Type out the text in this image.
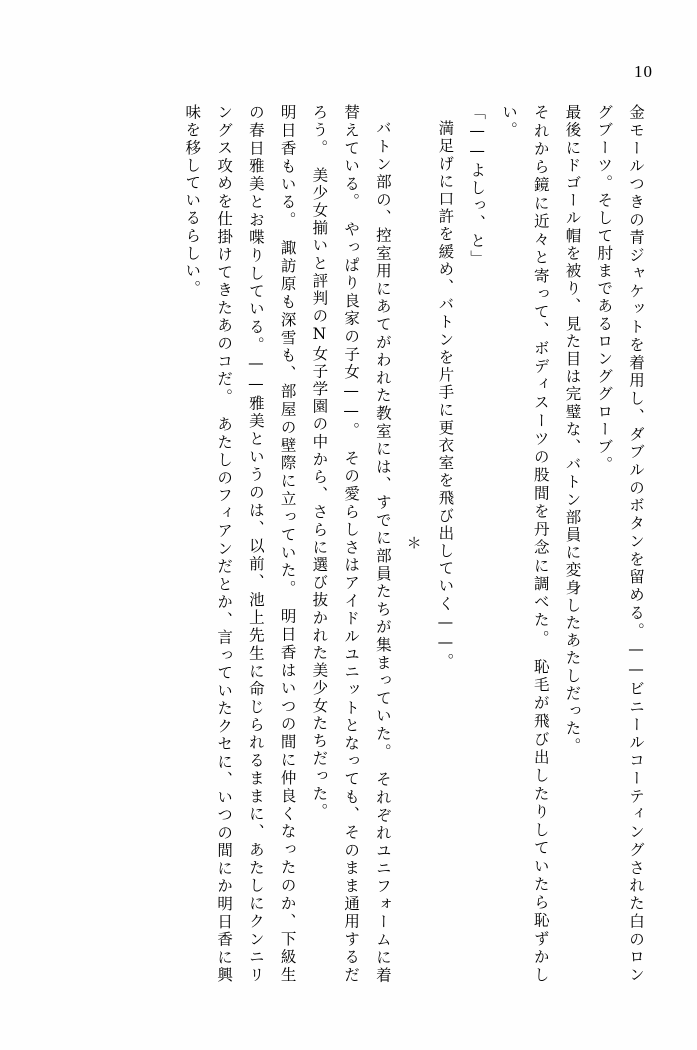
10

金モールつきの青ジャケットを着用し、ダブルのボタンを留める。——ビニールコーティングされた白のロングブーツ。そして肘まであるロンググローブ。

最後にドゴール帽を被り、見た目は完璧な、バトン部員に変身したあたしだった。

それから鏡に近々と寄って、ボディスーツの股間を丹念に調べた。　恥毛が飛び出したりしていたら恥ずかしい。

「——よしっ、と」

満足げに口許を緩め、バトンを片手に更衣室を飛び出していく——。

＊

バトン部の、控室用にあてがわれた教室には、すでに部員たちが集まっていた。　それぞれユニフォームに着替えている。　やっぱり良家の子女——。　その愛らしさはアイドルユニットとなっても、そのまま通用するだろう。　美少女揃いと評判のN女子学園の中から、さらに選び抜かれた美少女たちだった。

明日香もいる。　諏訪原も深雪も、部屋の壁際に立っていた。　明日香はいつの間に仲良くなったのか、下級生の春日雅美とお喋りしている。——雅美というのは、以前、池上先生に命じられるままに、あたしにクンニリングス攻めを仕掛けてきたあのコだ。　あたしのフィアンだとか、言っていたクセに、いつの間にか明日香に興味を移しているらしい。
